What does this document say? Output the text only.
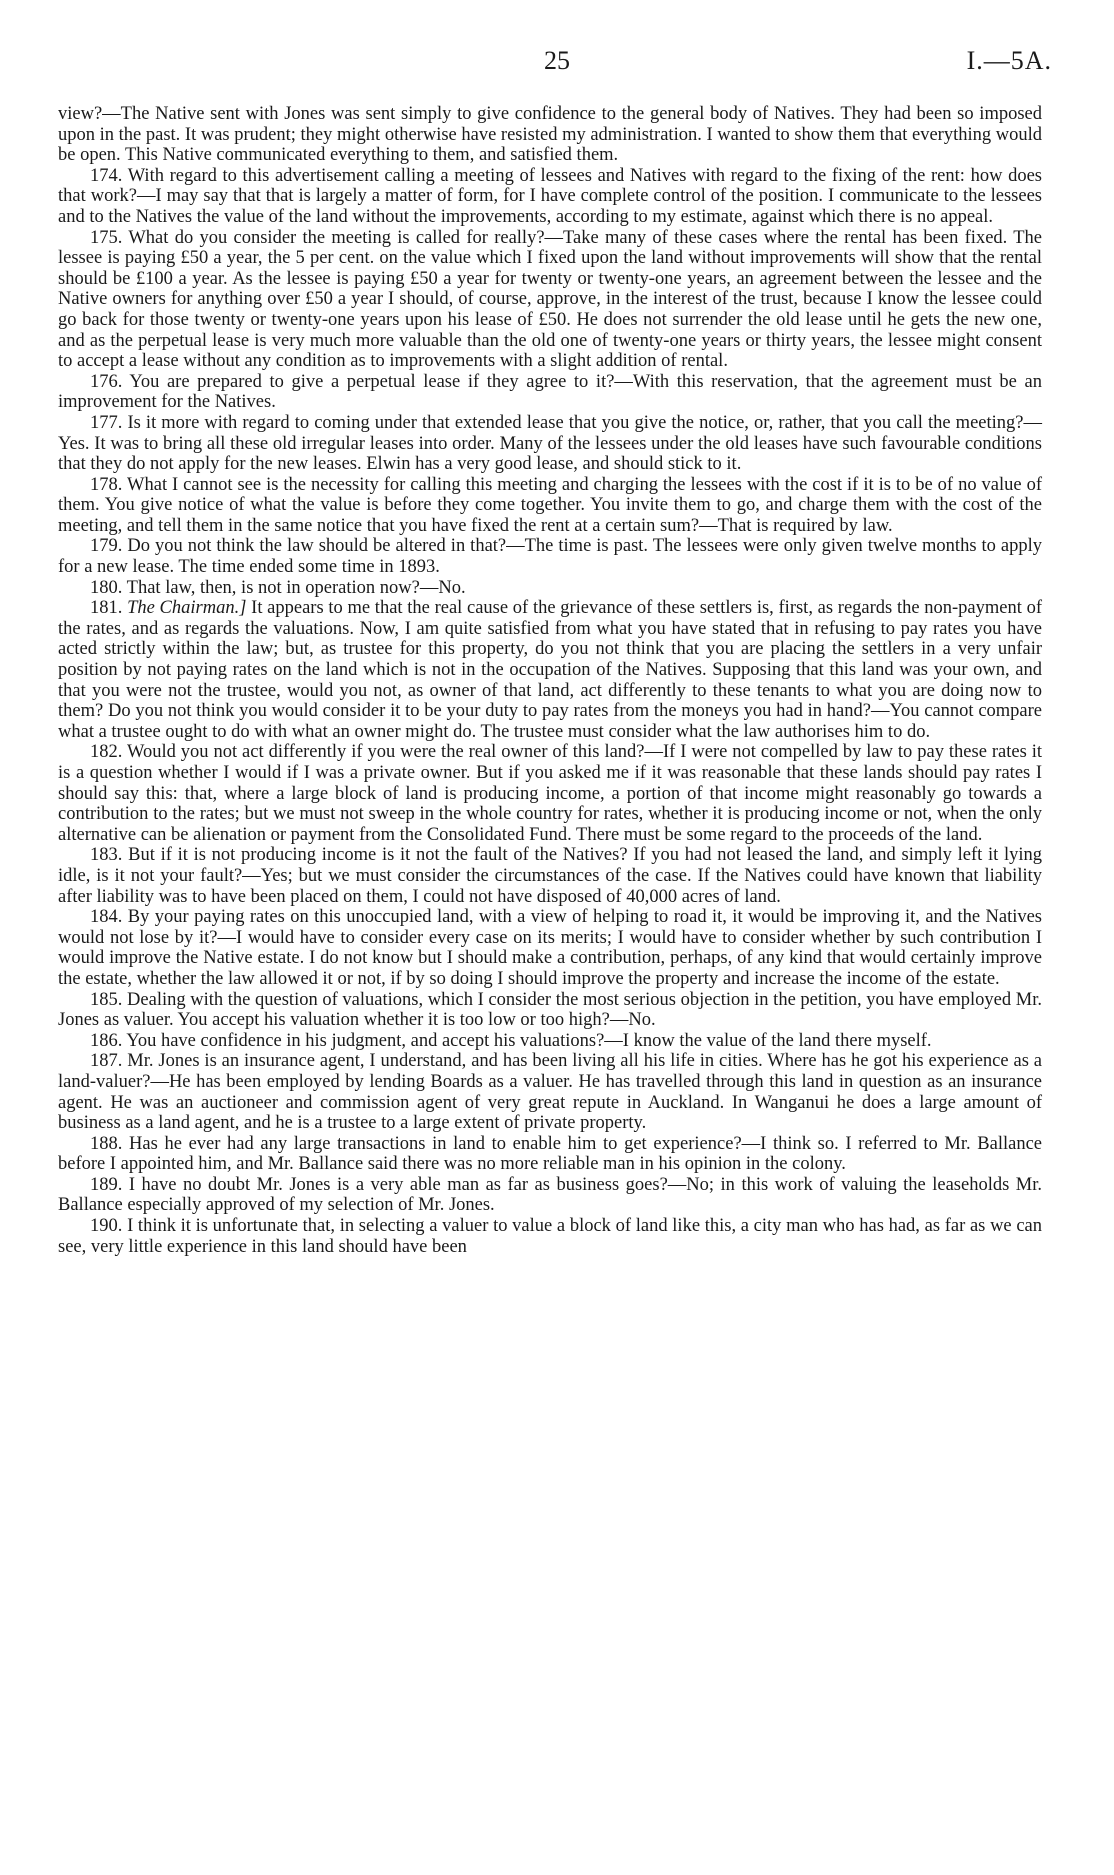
25	I.—5A.

view?—The Native sent with Jones was sent simply to give confidence to the general body of Natives. They had been so imposed upon in the past. It was prudent; they might otherwise have resisted my administration. I wanted to show them that everything would be open. This Native communicated everything to them, and satisfied them.

174. With regard to this advertisement calling a meeting of lessees and Natives with regard to the fixing of the rent: how does that work?—I may say that that is largely a matter of form, for I have complete control of the position. I communicate to the lessees and to the Natives the value of the land without the improvements, according to my estimate, against which there is no appeal.

175. What do you consider the meeting is called for really?—Take many of these cases where the rental has been fixed. The lessee is paying £50 a year, the 5 per cent. on the value which I fixed upon the land without improvements will show that the rental should be £100 a year. As the lessee is paying £50 a year for twenty or twenty-one years, an agreement between the lessee and the Native owners for anything over £50 a year I should, of course, approve, in the interest of the trust, because I know the lessee could go back for those twenty or twenty-one years upon his lease of £50. He does not surrender the old lease until he gets the new one, and as the perpetual lease is very much more valuable than the old one of twenty-one years or thirty years, the lessee might consent to accept a lease without any condition as to improvements with a slight addition of rental.

176. You are prepared to give a perpetual lease if they agree to it?—With this reservation, that the agreement must be an improvement for the Natives.

177. Is it more with regard to coming under that extended lease that you give the notice, or, rather, that you call the meeting?—Yes. It was to bring all these old irregular leases into order. Many of the lessees under the old leases have such favourable conditions that they do not apply for the new leases. Elwin has a very good lease, and should stick to it.

178. What I cannot see is the necessity for calling this meeting and charging the lessees with the cost if it is to be of no value of them. You give notice of what the value is before they come together. You invite them to go, and charge them with the cost of the meeting, and tell them in the same notice that you have fixed the rent at a certain sum?—That is required by law.

179. Do you not think the law should be altered in that?—The time is past. The lessees were only given twelve months to apply for a new lease. The time ended some time in 1893.

180. That law, then, is not in operation now?—No.

181. The Chairman.] It appears to me that the real cause of the grievance of these settlers is, first, as regards the non-payment of the rates, and as regards the valuations. Now, I am quite satisfied from what you have stated that in refusing to pay rates you have acted strictly within the law; but, as trustee for this property, do you not think that you are placing the settlers in a very unfair position by not paying rates on the land which is not in the occupation of the Natives. Supposing that this land was your own, and that you were not the trustee, would you not, as owner of that land, act differently to these tenants to what you are doing now to them? Do you not think you would consider it to be your duty to pay rates from the moneys you had in hand?—You cannot compare what a trustee ought to do with what an owner might do. The trustee must consider what the law authorises him to do.

182. Would you not act differently if you were the real owner of this land?—If I were not compelled by law to pay these rates it is a question whether I would if I was a private owner. But if you asked me if it was reasonable that these lands should pay rates I should say this: that, where a large block of land is producing income, a portion of that income might reasonably go towards a contribution to the rates; but we must not sweep in the whole country for rates, whether it is producing income or not, when the only alternative can be alienation or payment from the Consolidated Fund. There must be some regard to the proceeds of the land.

183. But if it is not producing income is it not the fault of the Natives? If you had not leased the land, and simply left it lying idle, is it not your fault?—Yes; but we must consider the circumstances of the case. If the Natives could have known that liability after liability was to have been placed on them, I could not have disposed of 40,000 acres of land.

184. By your paying rates on this unoccupied land, with a view of helping to road it, it would be improving it, and the Natives would not lose by it?—I would have to consider every case on its merits; I would have to consider whether by such contribution I would improve the Native estate. I do not know but I should make a contribution, perhaps, of any kind that would certainly improve the estate, whether the law allowed it or not, if by so doing I should improve the property and increase the income of the estate.

185. Dealing with the question of valuations, which I consider the most serious objection in the petition, you have employed Mr. Jones as valuer. You accept his valuation whether it is too low or too high?—No.

186. You have confidence in his judgment, and accept his valuations?—I know the value of the land there myself.

187. Mr. Jones is an insurance agent, I understand, and has been living all his life in cities. Where has he got his experience as a land-valuer?—He has been employed by lending Boards as a valuer. He has travelled through this land in question as an insurance agent. He was an auctioneer and commission agent of very great repute in Auckland. In Wanganui he does a large amount of business as a land agent, and he is a trustee to a large extent of private property.

188. Has he ever had any large transactions in land to enable him to get experience?—I think so. I referred to Mr. Ballance before I appointed him, and Mr. Ballance said there was no more reliable man in his opinion in the colony.

189. I have no doubt Mr. Jones is a very able man as far as business goes?—No; in this work of valuing the leaseholds Mr. Ballance especially approved of my selection of Mr. Jones.

190. I think it is unfortunate that, in selecting a valuer to value a block of land like this, a city man who has had, as far as we can see, very little experience in this land should have been
